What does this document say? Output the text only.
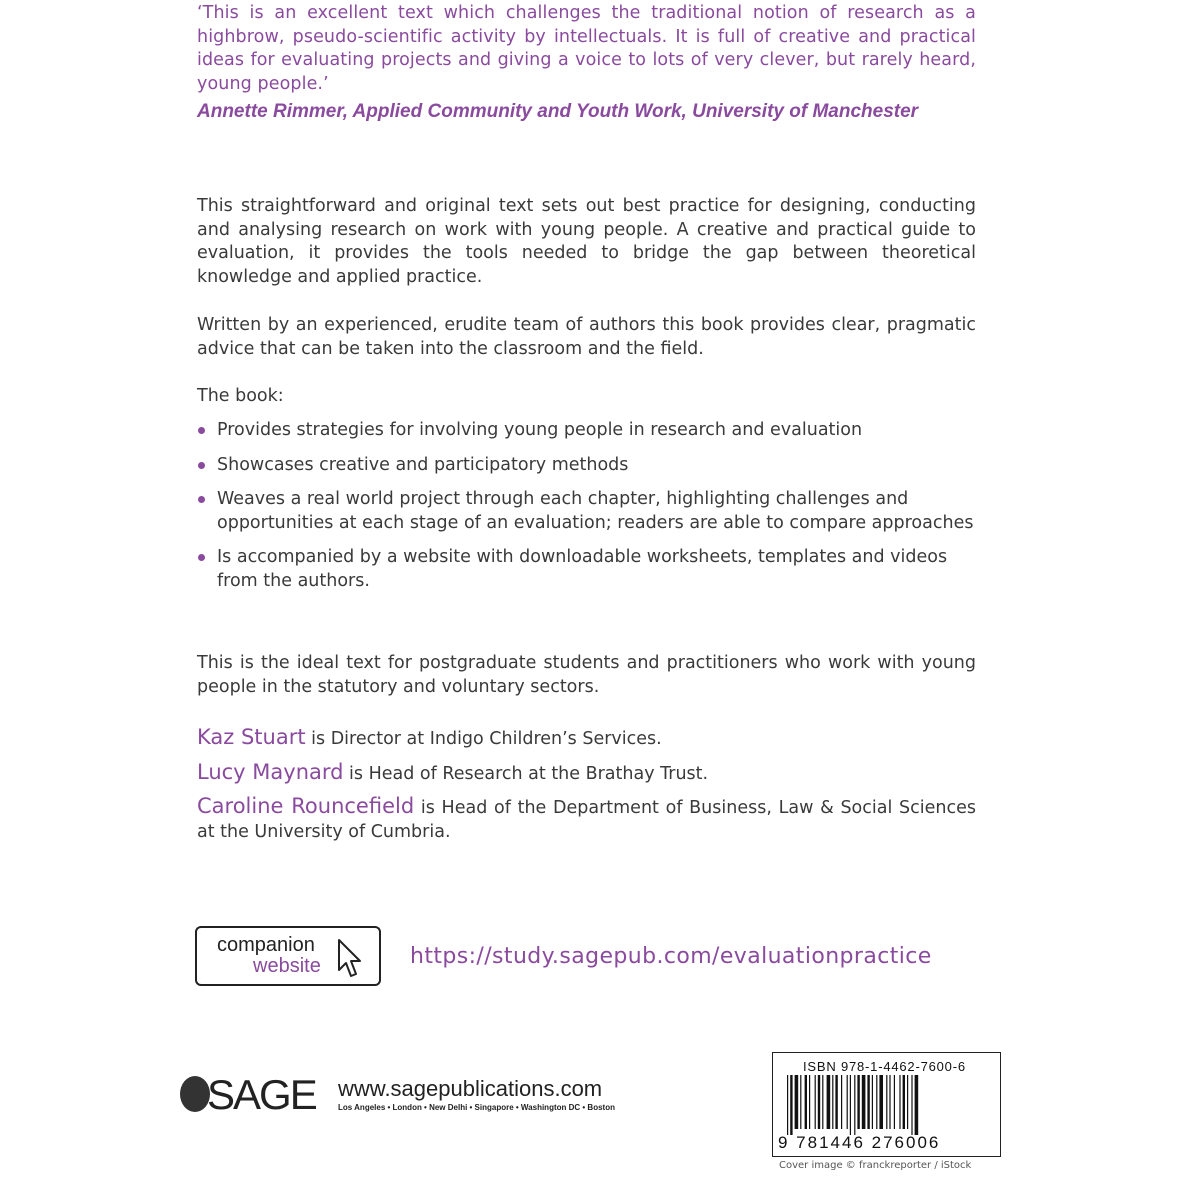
‘This is an excellent text which challenges the traditional notion of research as a highbrow, pseudo-scientific activity by intellectuals. It is full of creative and practical ideas for evaluating projects and giving a voice to lots of very clever, but rarely heard, young people.’
Annette Rimmer, Applied Community and Youth Work, University of Manchester

This straightforward and original text sets out best practice for designing, conducting and analysing research on work with young people. A creative and practical guide to evaluation, it provides the tools needed to bridge the gap between theoretical knowledge and applied practice.

Written by an experienced, erudite team of authors this book provides clear, pragmatic advice that can be taken into the classroom and the field.

The book:

Provides strategies for involving young people in research and evaluation
Showcases creative and participatory methods
Weaves a real world project through each chapter, highlighting challenges and opportunities at each stage of an evaluation; readers are able to compare approaches
Is accompanied by a website with downloadable worksheets, templates and videos from the authors.

This is the ideal text for postgraduate students and practitioners who work with young people in the statutory and voluntary sectors.

Kaz Stuart is Director at Indigo Children’s Services.
Lucy Maynard is Head of Research at the Brathay Trust.
Caroline Rouncefield is Head of the Department of Business, Law & Social Sciences at the University of Cumbria.
companion
website	https://study.sagepub.com/evaluationpractice
SAGE www.sagepublications.com
Los Angeles • London • New Delhi • Singapore • Washington DC • Boston
ISBN 978-1-4462-7600-6
9 781446 276006
Cover image © franckreporter / iStock
